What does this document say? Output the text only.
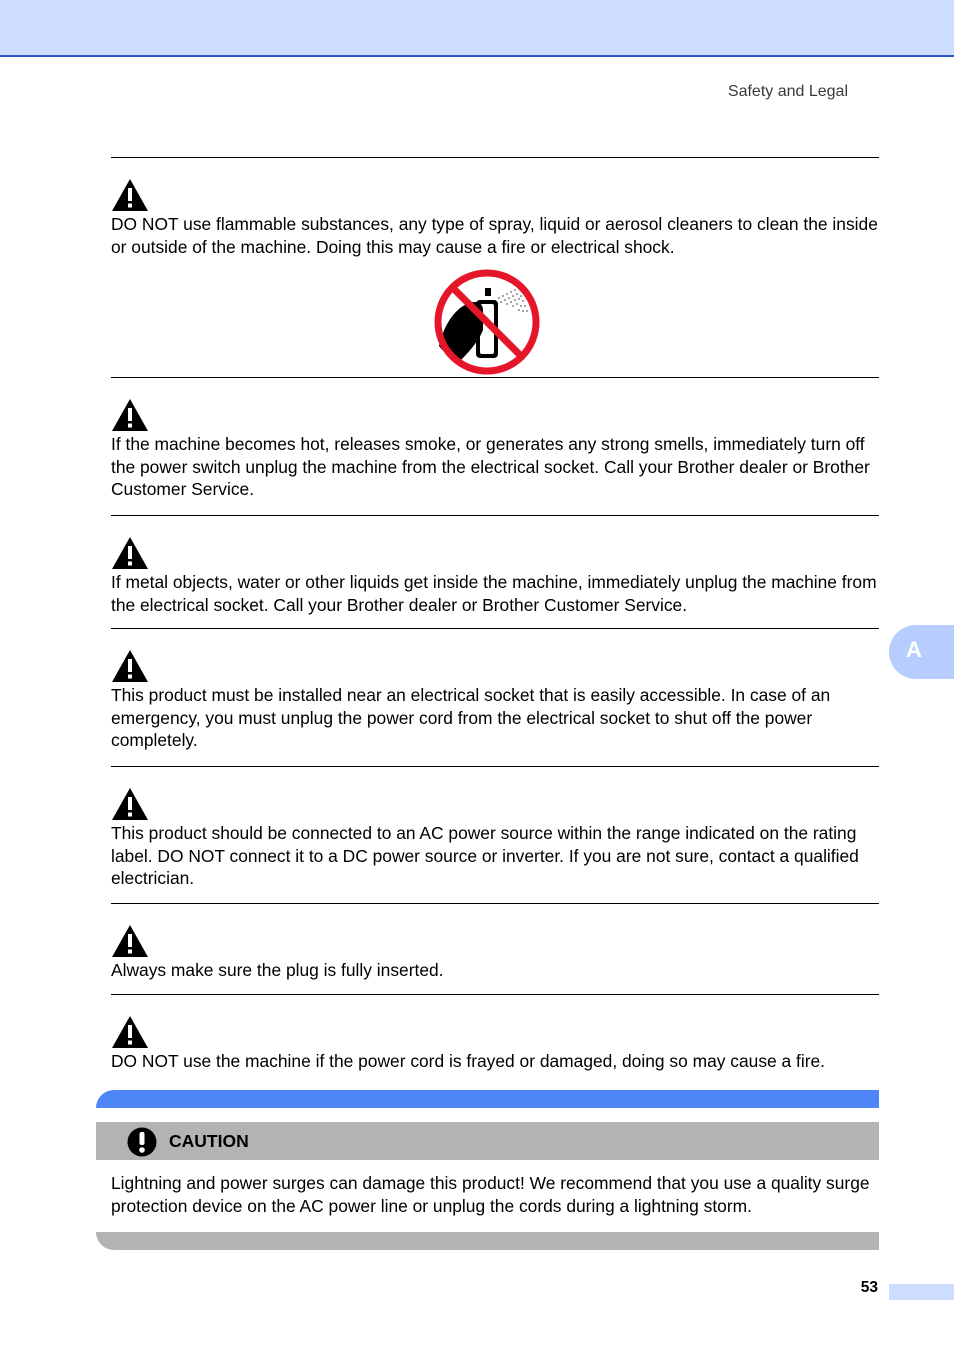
Safety and Legal
A
DO NOT use flammable substances, any type of spray, liquid or aerosol cleaners to clean the inside or outside of the machine. Doing this may cause a fire or electrical shock.
If the machine becomes hot, releases smoke, or generates any strong smells, immediately turn off the power switch unplug the machine from the electrical socket. Call your Brother dealer or Brother Customer Service.
If metal objects, water or other liquids get inside the machine, immediately unplug the machine from the electrical socket. Call your Brother dealer or Brother Customer Service.
This product must be installed near an electrical socket that is easily accessible. In case of an emergency, you must unplug the power cord from the electrical socket to shut off the power completely.
This product should be connected to an AC power source within the range indicated on the rating label. DO NOT connect it to a DC power source or inverter. If you are not sure, contact a qualified electrician.
Always make sure the plug is fully inserted.
DO NOT use the machine if the power cord is frayed or damaged, doing so may cause a fire.
CAUTION
Lightning and power surges can damage this product! We recommend that you use a quality surge protection device on the AC power line or unplug the cords during a lightning storm.
53
